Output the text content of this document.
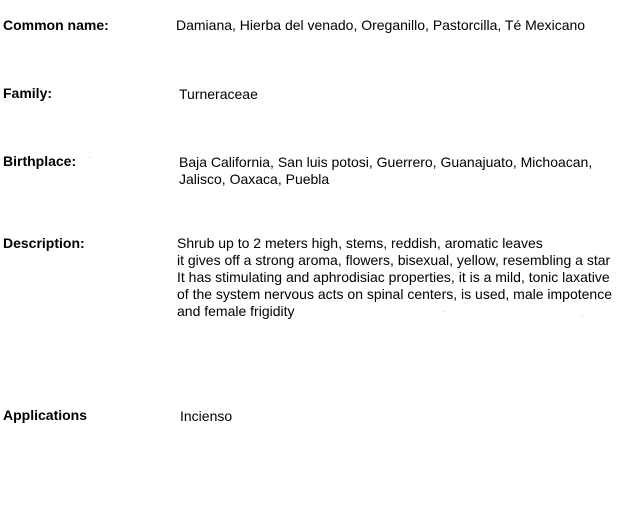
Common name:	Damiana, Hierba del venado, Oreganillo, Pastorcilla, Té Mexicano
Family:	Turneraceae
Birthplace:	Baja California, San luis potosi, Guerrero, Guanajuato, Michoacan,
Jalisco, Oaxaca, Puebla
Description:	Shrub up to 2 meters high, stems, reddish, aromatic leaves
it gives off a strong aroma, flowers, bisexual, yellow, resembling a star
It has stimulating and aphrodisiac properties, it is a mild, tonic laxative
of the system nervous acts on spinal centers, is used, male impotence
and female frigidity
Applications	Incienso
